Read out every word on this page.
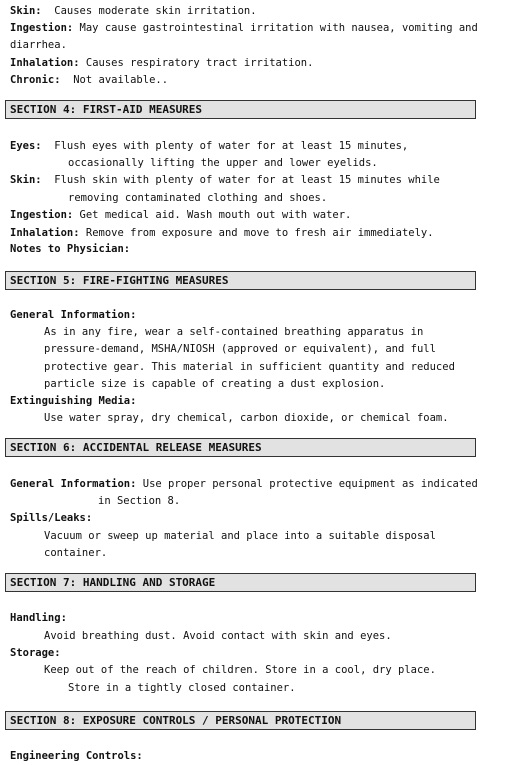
Skin:  Causes moderate skin irritation.
Ingestion: May cause gastrointestinal irritation with nausea, vomiting and
diarrhea.
Inhalation: Causes respiratory tract irritation.
Chronic:  Not available..
SECTION 4: FIRST-AID MEASURES
Eyes:  Flush eyes with plenty of water for at least 15 minutes,
occasionally lifting the upper and lower eyelids.
Skin:  Flush skin with plenty of water for at least 15 minutes while
removing contaminated clothing and shoes.
Ingestion: Get medical aid. Wash mouth out with water.
Inhalation: Remove from exposure and move to fresh air immediately.
Notes to Physician:
SECTION 5: FIRE-FIGHTING MEASURES
General Information:
As in any fire, wear a self-contained breathing apparatus in
pressure-demand, MSHA/NIOSH (approved or equivalent), and full
protective gear. This material in sufficient quantity and reduced
particle size is capable of creating a dust explosion.
Extinguishing Media:
Use water spray, dry chemical, carbon dioxide, or chemical foam.
SECTION 6: ACCIDENTAL RELEASE MEASURES
General Information: Use proper personal protective equipment as indicated
in Section 8.
Spills/Leaks:
Vacuum or sweep up material and place into a suitable disposal
container.
SECTION 7: HANDLING AND STORAGE
Handling:
Avoid breathing dust. Avoid contact with skin and eyes.
Storage:
Keep out of the reach of children. Store in a cool, dry place.
Store in a tightly closed container.
SECTION 8: EXPOSURE CONTROLS / PERSONAL PROTECTION
Engineering Controls:
